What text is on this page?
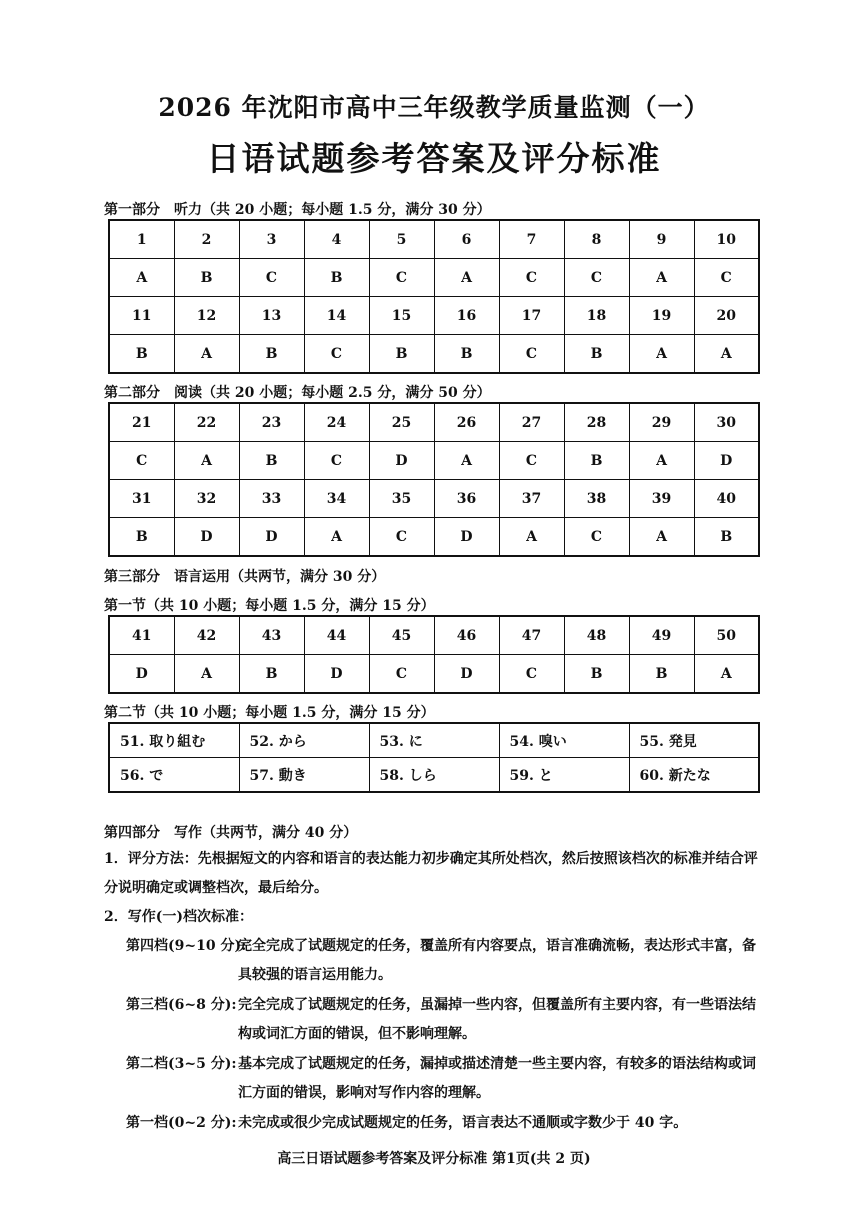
2026 年沈阳市高中三年级教学质量监测（一）
日语试题参考答案及评分标准
第一部分　听力（共 20 小题；每小题 1.5 分，满分 30 分）
1	2	3	4	5	6	7	8	9	10
A	B	C	B	C	A	C	C	A	C
11	12	13	14	15	16	17	18	19	20
B	A	B	C	B	B	C	B	A	A
第二部分　阅读（共 20 小题；每小题 2.5 分，满分 50 分）
21	22	23	24	25	26	27	28	29	30
C	A	B	C	D	A	C	B	A	D
31	32	33	34	35	36	37	38	39	40
B	D	D	A	C	D	A	C	A	B
第三部分　语言运用（共两节，满分 30 分）
第一节（共 10 小题；每小题 1.5 分，满分 15 分）
41	42	43	44	45	46	47	48	49	50
D	A	B	D	C	D	C	B	B	A
第二节（共 10 小题；每小题 1.5 分，满分 15 分）
51. 取り組む	52. から	53. に	54. 嗅い	55. 発見
56. で	57. 動き	58. しら	59. と	60. 新たな
第四部分　写作（共两节，满分 40 分）
1．评分方法：先根据短文的内容和语言的表达能力初步确定其所处档次，然后按照该档次的标准并结合评分说明确定或调整档次，最后给分。
2．写作(一)档次标准：
第四档(9~10 分):
完全完成了试题规定的任务，覆盖所有内容要点，语言准确流畅，表达形式丰富，备具较强的语言运用能力。
第三档(6~8 分): 完全完成了试题规定的任务，虽漏掉一些内容，但覆盖所有主要内容，有一些语法结构或词汇方面的错误，但不影响理解。
第二档(3~5 分): 基本完成了试题规定的任务，漏掉或描述清楚一些主要内容，有较多的语法结构或词汇方面的错误，影响对写作内容的理解。
第一档(0~2 分): 未完成或很少完成试题规定的任务，语言表达不通顺或字数少于 40 字。
高三日语试题参考答案及评分标准 第1页(共 2 页)
